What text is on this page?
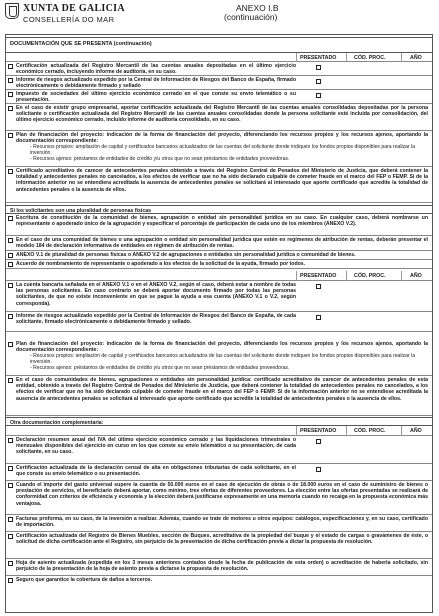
XUNTA DE GALICIA
CONSELLERÍA DO MAR
ANEXO I.B
(continuación)
DOCUMENTACIÓN QUE SE PRESENTA (continuación)
PRESENTADO	CÓD. PROC.	AÑO
Certificación actualizada del Registro Mercantil de las cuentas anuales depositadas en el último ejercicio económico cerrado, incluyendo informe de auditoría, en su caso.
Informe de riesgos actualizado expedido por la Central de Información de Riesgos del Banco de España, firmado electrónicamente o debidamente firmado y sellado
Impuesto de sociedades del último ejercicio económico cerrado en el que conste su envío telemático o su presentación.
En el caso de existir grupo empresarial, aportar certificación actualizada del Registro Mercantil de las cuentas anuales consolidadas depositadas por la persona solicitante o certificación actualizada del Registro Mercantil de las cuentas anuales consolidadas donde la persona solicitante esté incluida por consolidación, del último ejercicio económico cerrado, incluido informe de auditoría consolidado, en su caso.
Plan de financiación del proyecto: indicación de la forma de financiación del proyecto, diferenciando los recursos propios y los recursos ajenos, aportando la documentación correspondiente:
- Recursos propios: ampliación de capital y certificados bancarios actualizados de las cuentas del solicitante donde indiquen los fondos propios disponibles para realizar la inversión.
- Recursos ajenos: préstamos de entidades de crédito y/u otros que no sean préstamos de entidades proveedoras.
Certificado acreditativo de carecer de antecedentes penales obtenido a través del Registro Central de Penados del Ministerio de Justicia, que deberá contener la totalidad y antecedentes penales no cancelados, a los efectos de verificar que no ha sido declarado culpable de cometer fraude en el marco del FEP o FEMP. Si de la información anterior no se entendiera acreditada la ausencia de antecedentes penales se solicitará al interesado que aporte certificado que acredite la totalidad de antecedentes penales o la ausencia de ellos.
Si los solicitantes son una pluralidad de personas físicas
Escritura de constitución de la comunidad de bienes, agrupación o entidad sin personalidad jurídica en su caso. En cualquier caso, deberá nombrarse un representante o apoderado único de la agrupación y especificar el porcentaje de participación de cada uno de los miembros (ANEXO V.2).
En el caso de una comunidad de bienes o una agrupación o entidad sin personalidad jurídica que estén en regímenes de atribución de rentas, deberán presentar el modelo 184 de declaración informativa de entidades en régimen de atribución de rentas.
ANEXO V.1 de pluralidad de personas físicas o ANEXO V.2 de agrupaciones o entidades sin personalidad jurídica o comunidad de bienes.
Acuerdo de nombramiento de representante o apoderado a los efectos de la solicitud de la ayuda, firmado por todos.
PRESENTADO	CÓD. PROC.	AÑO
La cuenta bancaria señalada en el ANEXO V.1 o en el ANEXO V.2, según el caso, deberá estar a nombre de todas las personas solicitantes. En caso contrario se deberá aportar documento firmado por todas las personas solicitantes, de que no existe inconveniente en que se pague la ayuda a esa cuenta (ANEXO V.1 o V.2, según corresponda).
Informe de riesgos actualizado expedido por la Central de Información de Riesgos del Banco de España, de cada solicitante, firmado electrónicamente o debidamente firmado y sellado.
Plan de financiación del proyecto: indicación de la forma de financiación del proyecto, diferenciando los recursos propios y los recursos ajenos, aportando la documentación correspondiente:
- Recursos propios: ampliación de capital y certificados bancarios actualizados de las cuentas del solicitante donde indiquen los fondos propios disponibles para realizar la inversión.
- Recursos ajenos: préstamos de entidades de crédito y/u otros que no sean préstamos de entidades proveedoras.
En el caso de comunidades de bienes, agrupaciones o entidades sin personalidad jurídica: certificado acreditativo de carecer de antecedentes penales de esta entidad, obtenido a través del Registro Central de Penados del Ministerio de Justicia, que deberá contener la totalidad de antecedentes penales no cancelados, a los efectos de verificar que no ha sido declarado culpable de cometer fraude en el marco del FEP o FEMP. Si de la información anterior no se entendiese acreditada la ausencia de antecedentes penales se solicitará al interesado que aporte certificado que acredite la totalidad de antecedentes penales o la ausencia de ellos.
Otra documentación complementaria:
PRESENTADO	CÓD. PROC.	AÑO
Declaración resumen anual del IVA del último ejercicio económico cerrado y las liquidaciones trimestrales o mensuales disponibles del ejercicio en curso en los que conste su envío telemático o su presentación, de cada solicitante, en su caso.
Certificación actualizada de la declaración censal de alta en obligaciones tributarias de cada solicitante, en el que conste su envío telemático o su presentación.
Cuando el importe del gasto universal supere la cuantía de 50.000 euros en el caso de ejecución de obras o de 18.000 euros en el caso de suministro de bienes o prestación de servicios, el beneficiario deberá aportar, como mínimo, tres ofertas de diferentes proveedores. La elección entre las ofertas presentadas se realizará de conformidad con criterios de eficiencia y economía y la elección deberá justificarse expresamente en una memoria cuando no recaiga en la propuesta económica más ventajosa.
Facturas proforma, en su caso, de la inversión a realizar. Además, cuando se trate de motores u otros equipos: catálogos, especificaciones y, en su caso, certificado de importación.
Certificación actualizada del Registro de Bienes Muebles, sección de Buques, acreditativa de la propiedad del buque y el estado de cargas o gravámenes de éste, o solicitud de dicha certificación ante el Registro, sin perjuicio de la presentación de dicha certificación previa a dictar la propuesta de resolución.
Hoja de asiento actualizada (expedida en los 3 meses anteriores contados desde la fecha de publicación de esta orden) o acreditación de haberla solicitado, sin perjuicio de la presentación de la hoja de asiento previa a dictarse la propuesta de resolución.
Seguro que garantice la cobertura de daños a terceros.
